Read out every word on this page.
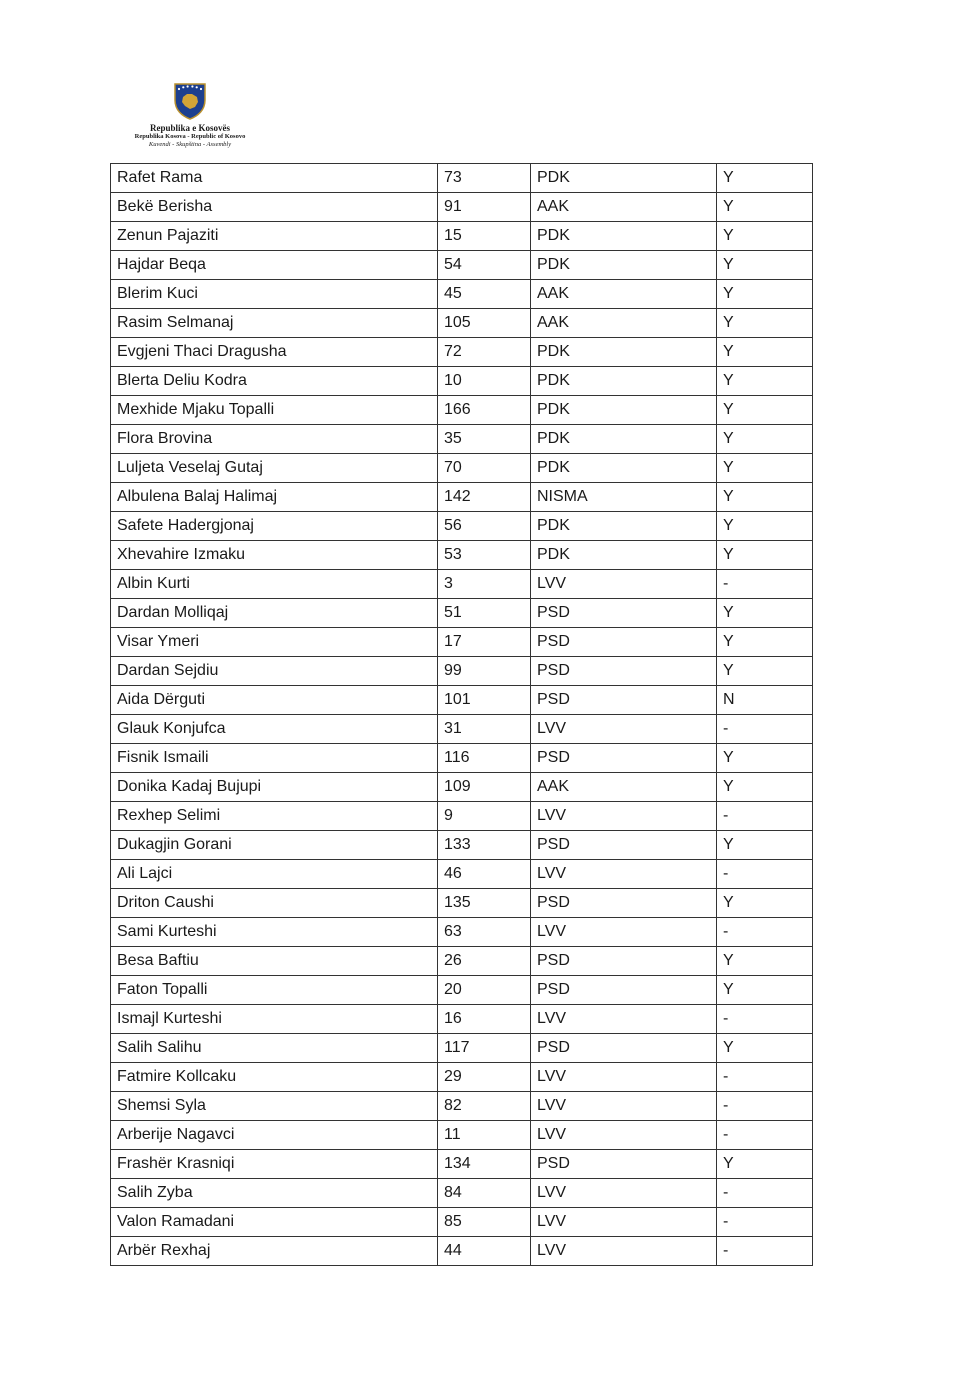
Republika e Kosovës
Republika Kosova - Republic of Kosovo
Kuvendi - Skupština - Assembly
Rafet Rama	73	PDK	Y
Bekë Berisha	91	AAK	Y
Zenun Pajaziti	15	PDK	Y
Hajdar Beqa	54	PDK	Y
Blerim Kuci	45	AAK	Y
Rasim Selmanaj	105	AAK	Y
Evgjeni Thaci Dragusha	72	PDK	Y
Blerta Deliu Kodra	10	PDK	Y
Mexhide Mjaku Topalli	166	PDK	Y
Flora Brovina	35	PDK	Y
Luljeta Veselaj Gutaj	70	PDK	Y
Albulena Balaj Halimaj	142	NISMA	Y
Safete Hadergjonaj	56	PDK	Y
Xhevahire Izmaku	53	PDK	Y
Albin Kurti	3	LVV	-
Dardan Molliqaj	51	PSD	Y
Visar Ymeri	17	PSD	Y
Dardan Sejdiu	99	PSD	Y
Aida Dërguti	101	PSD	N
Glauk Konjufca	31	LVV	-
Fisnik Ismaili	116	PSD	Y
Donika Kadaj Bujupi	109	AAK	Y
Rexhep Selimi	9	LVV	-
Dukagjin Gorani	133	PSD	Y
Ali Lajci	46	LVV	-
Driton Caushi	135	PSD	Y
Sami Kurteshi	63	LVV	-
Besa Baftiu	26	PSD	Y
Faton Topalli	20	PSD	Y
Ismajl Kurteshi	16	LVV	-
Salih Salihu	117	PSD	Y
Fatmire Kollcaku	29	LVV	-
Shemsi Syla	82	LVV	-
Arberije Nagavci	11	LVV	-
Frashër Krasniqi	134	PSD	Y
Salih Zyba	84	LVV	-
Valon Ramadani	85	LVV	-
Arbër Rexhaj	44	LVV	-
